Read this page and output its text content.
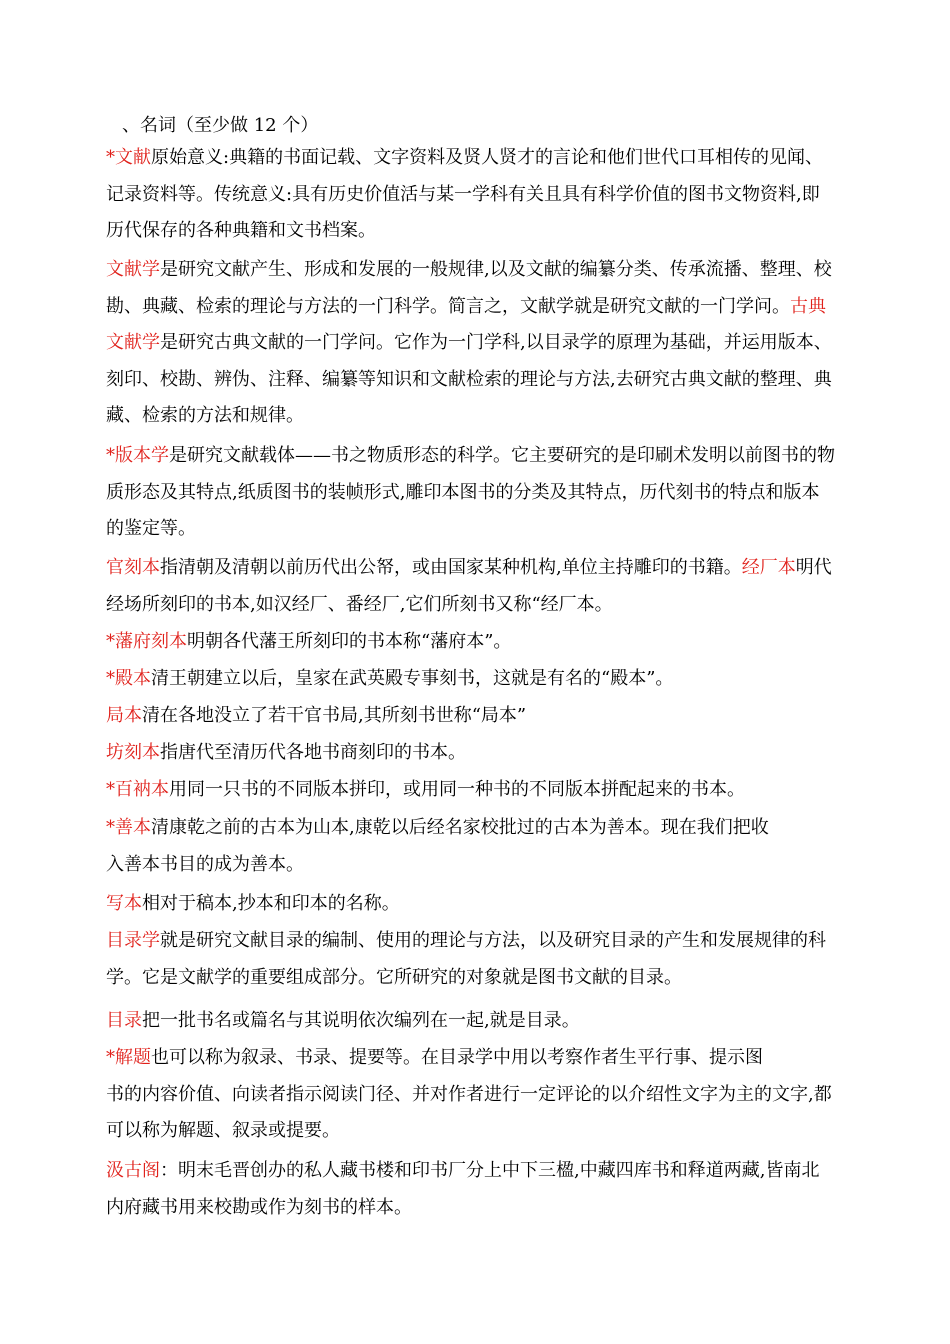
、名词（至少做 12 个）
*文献原始意义:典籍的书面记载、文字资料及贤人贤才的言论和他们世代口耳相传的见闻、
记录资料等。传统意义:具有历史价值活与某一学科有关且具有科学价值的图书文物资料,即
历代保存的各种典籍和文书档案。
文献学是研究文献产生、形成和发展的一般规律,以及文献的编纂分类、传承流播、整理、校
勘、典藏、检索的理论与方法的一门科学。简言之，文献学就是研究文献的一门学问。古典
文献学是研究古典文献的一门学问。它作为一门学科,以目录学的原理为基础，并运用版本、
刻印、校勘、辨伪、注释、编纂等知识和文献检索的理论与方法,去研究古典文献的整理、典
藏、检索的方法和规律。
*版本学是研究文献载体——书之物质形态的科学。它主要研究的是印刷术发明以前图书的物
质形态及其特点,纸质图书的装帧形式,雕印本图书的分类及其特点，历代刻书的特点和版本
的鉴定等。
官刻本指清朝及清朝以前历代出公帑，或由国家某种机构,单位主持雕印的书籍。经厂本明代
经场所刻印的书本,如汉经厂、番经厂,它们所刻书又称“经厂本。
*藩府刻本明朝各代藩王所刻印的书本称“藩府本”。
*殿本清王朝建立以后，皇家在武英殿专事刻书，这就是有名的“殿本”。
局本清在各地没立了若干官书局,其所刻书世称“局本”
坊刻本指唐代至清历代各地书商刻印的书本。
*百衲本用同一只书的不同版本拼印，或用同一种书的不同版本拼配起来的书本。
*善本清康乾之前的古本为山本,康乾以后经名家校批过的古本为善本。现在我们把收
入善本书目的成为善本。
写本相对于稿本,抄本和印本的名称。
目录学就是研究文献目录的编制、使用的理论与方法，以及研究目录的产生和发展规律的科
学。它是文献学的重要组成部分。它所研究的对象就是图书文献的目录。
目录把一批书名或篇名与其说明依次编列在一起,就是目录。
*解题也可以称为叙录、书录、提要等。在目录学中用以考察作者生平行事、提示图
书的内容价值、向读者指示阅读门径、并对作者进行一定评论的以介绍性文字为主的文字,都
可以称为解题、叙录或提要。
汲古阁：明末毛晋创办的私人藏书楼和印书厂分上中下三楹,中藏四库书和释道两藏,皆南北
内府藏书用来校勘或作为刻书的样本。
